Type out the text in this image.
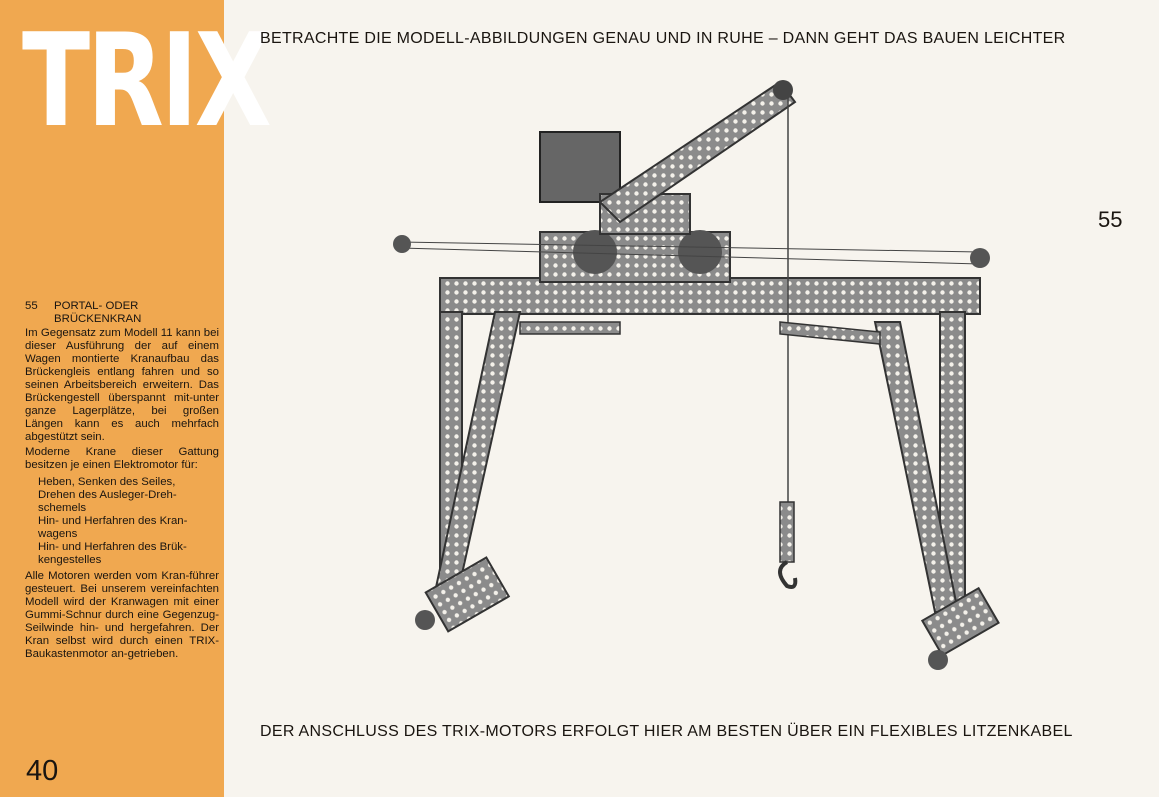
TRIX
55	PORTAL- ODER
BRÜCKENKRAN

Im Gegensatz zum Modell 11 kann bei dieser Ausführung der auf einem Wagen montierte Kranaufbau das Brückengleis entlang fahren und so seinen Arbeitsbereich erweitern. Das Brückengestell überspannt mit-unter ganze Lagerplätze, bei großen Längen kann es auch mehrfach abgestützt sein.

Moderne Krane dieser Gattung besitzen je einen Elektromotor für:

Heben, Senken des Seiles,
Drehen des Ausleger-Dreh-schemels
Hin- und Herfahren des Kran-wagens
Hin- und Herfahren des Brük-kengestelles

Alle Motoren werden vom Kran-führer gesteuert. Bei unserem vereinfachten Modell wird der Kranwagen mit einer Gummi-Schnur durch eine Gegenzug-Seilwinde hin- und hergefahren. Der Kran selbst wird durch einen TRIX-Baukastenmotor an-getrieben.

40
BETRACHTE DIE MODELL-ABBILDUNGEN GENAU UND IN RUHE – DANN GEHT DAS BAUEN LEICHTER
55
DER ANSCHLUSS DES TRIX-MOTORS ERFOLGT HIER AM BESTEN ÜBER EIN FLEXIBLES LITZENKABEL
